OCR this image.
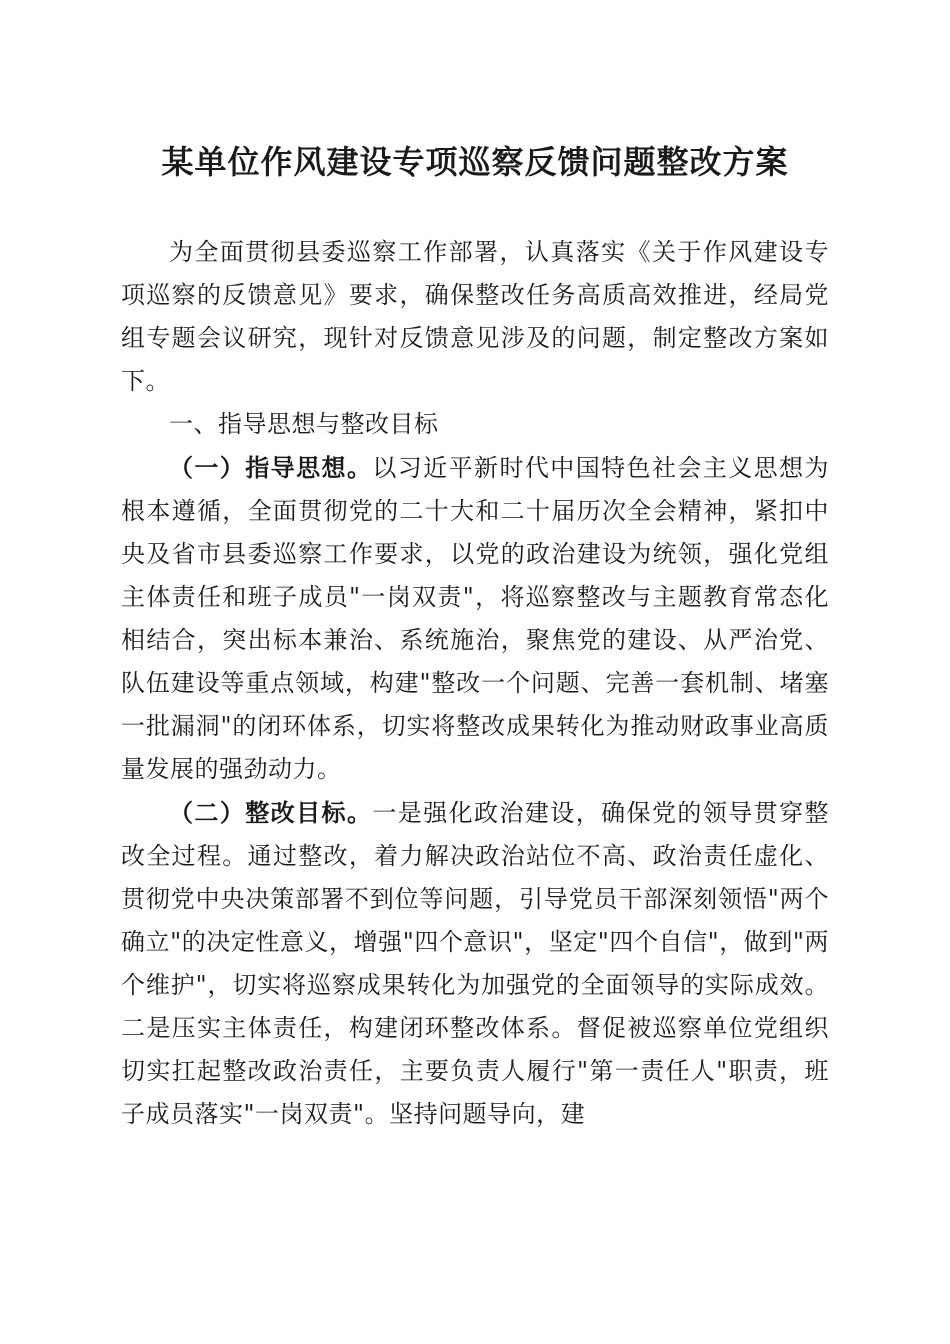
某单位作风建设专项巡察反馈问题整改方案

为全面贯彻县委巡察工作部署，认真落实《关于作风建设专项巡察的反馈意见》要求，确保整改任务高质高效推进，经局党组专题会议研究，现针对反馈意见涉及的问题，制定整改方案如下。

一、指导思想与整改目标

（一）指导思想。以习近平新时代中国特色社会主义思想为根本遵循，全面贯彻党的二十大和二十届历次全会精神，紧扣中央及省市县委巡察工作要求，以党的政治建设为统领，强化党组主体责任和班子成员"一岗双责"，将巡察整改与主题教育常态化相结合，突出标本兼治、系统施治，聚焦党的建设、从严治党、队伍建设等重点领域，构建"整改一个问题、完善一套机制、堵塞一批漏洞"的闭环体系，切实将整改成果转化为推动财政事业高质量发展的强劲动力。

（二）整改目标。一是强化政治建设，确保党的领导贯穿整改全过程。通过整改，着力解决政治站位不高、政治责任虚化、贯彻党中央决策部署不到位等问题，引导党员干部深刻领悟"两个确立"的决定性意义，增强"四个意识"，坚定"四个自信"，做到"两个维护"，切实将巡察成果转化为加强党的全面领导的实际成效。二是压实主体责任，构建闭环整改体系。督促被巡察单位党组织切实扛起整改政治责任，主要负责人履行"第一责任人"职责，班子成员落实"一岗双责"。坚持问题导向，建
